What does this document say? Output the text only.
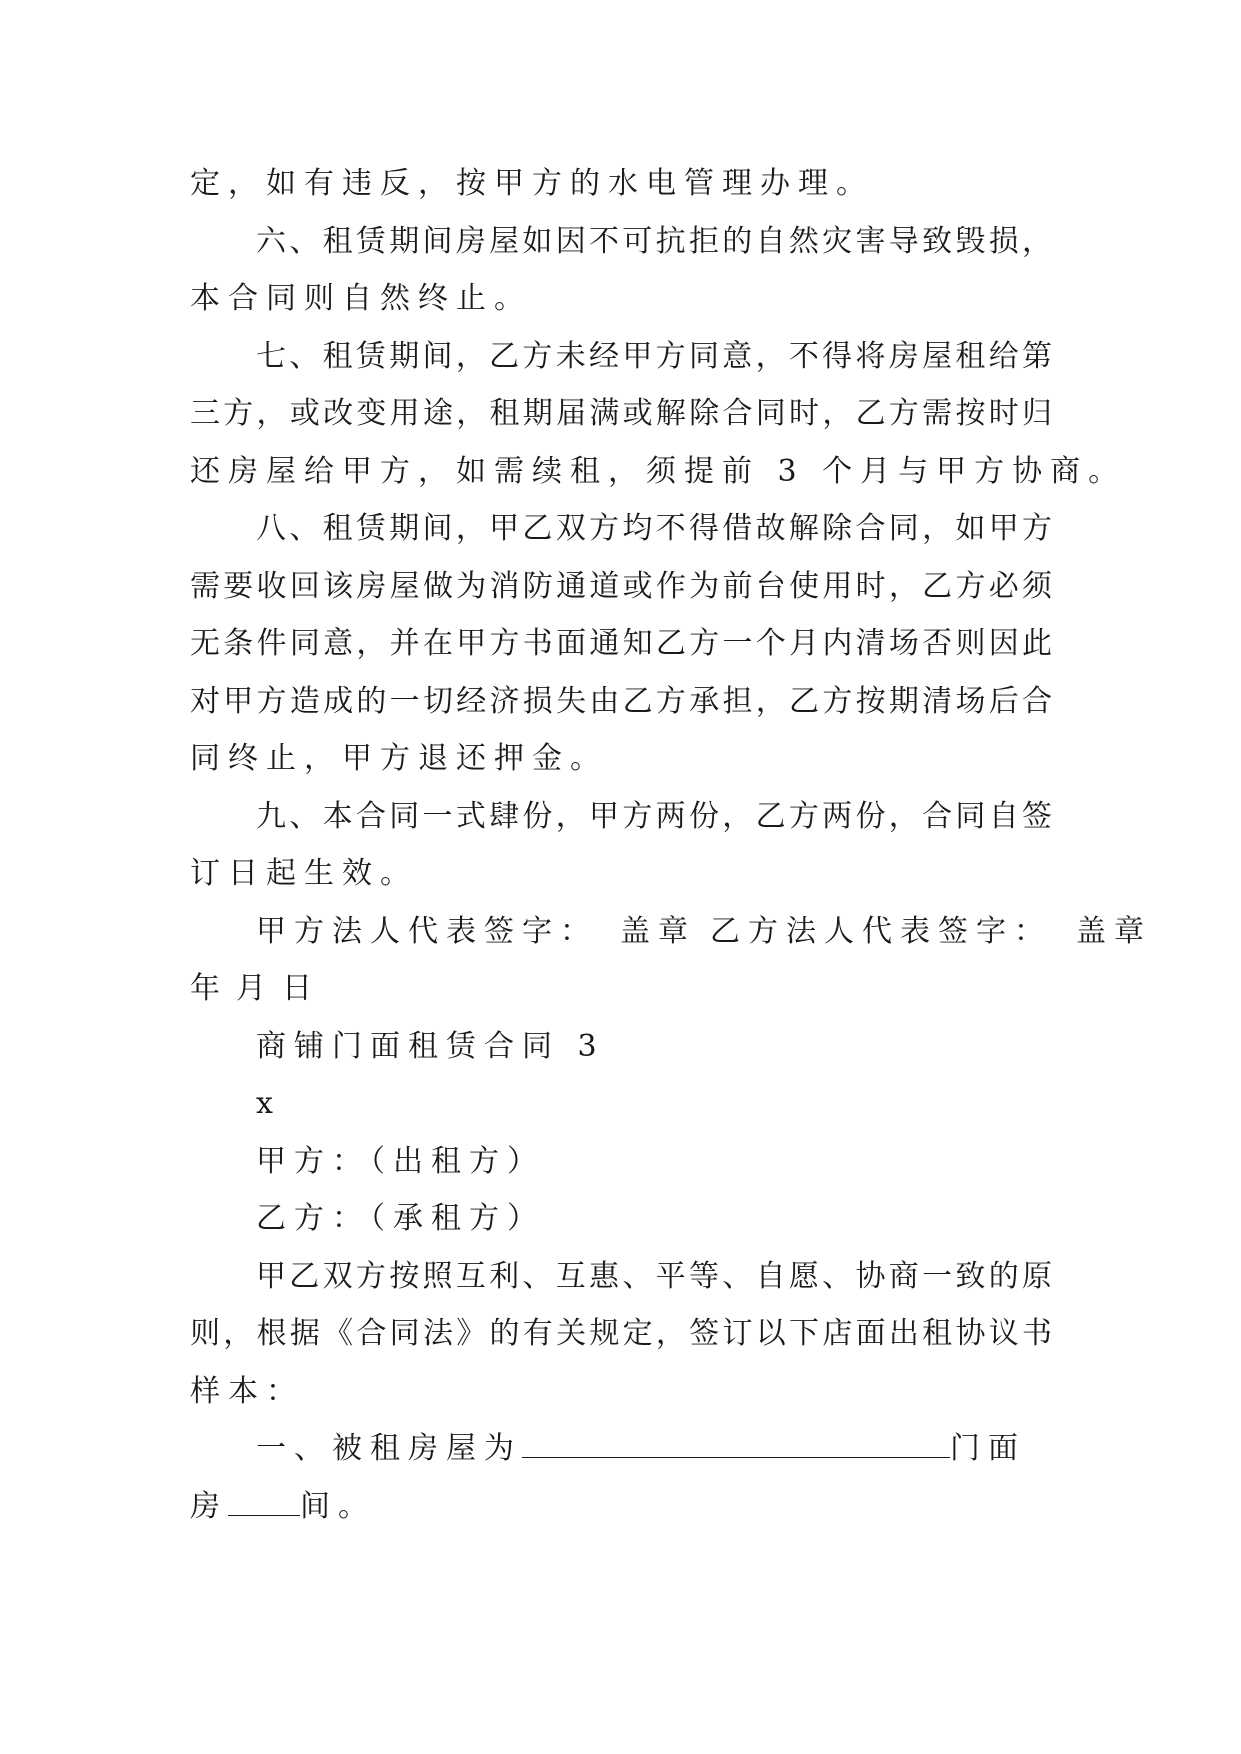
定，如有违反，按甲方的水电管理办理。
六、租赁期间房屋如因不可抗拒的自然灾害导致毁损，
本合同则自然终止。
七、租赁期间，乙方未经甲方同意，不得将房屋租给第
三方，或改变用途，租期届满或解除合同时，乙方需按时归
还房屋给甲方，如需续租，须提前 3 个月与甲方协商。
八、租赁期间，甲乙双方均不得借故解除合同，如甲方
需要收回该房屋做为消防通道或作为前台使用时，乙方必须
无条件同意，并在甲方书面通知乙方一个月内清场否则因此
对甲方造成的一切经济损失由乙方承担，乙方按期清场后合
同终止，甲方退还押金。
九、本合同一式肆份，甲方两份，乙方两份，合同自签
订日起生效。
甲方法人代表签字： 盖章 乙方法人代表签字： 盖章
年 月 日
商铺门面租赁合同 3
x
甲方：（出租方）
乙方：（承租方）
甲乙双方按照互利、互惠、平等、自愿、协商一致的原
则，根据《合同法》的有关规定，签订以下店面出租协议书
样本：
一、被租房屋为	门面
房 间。
